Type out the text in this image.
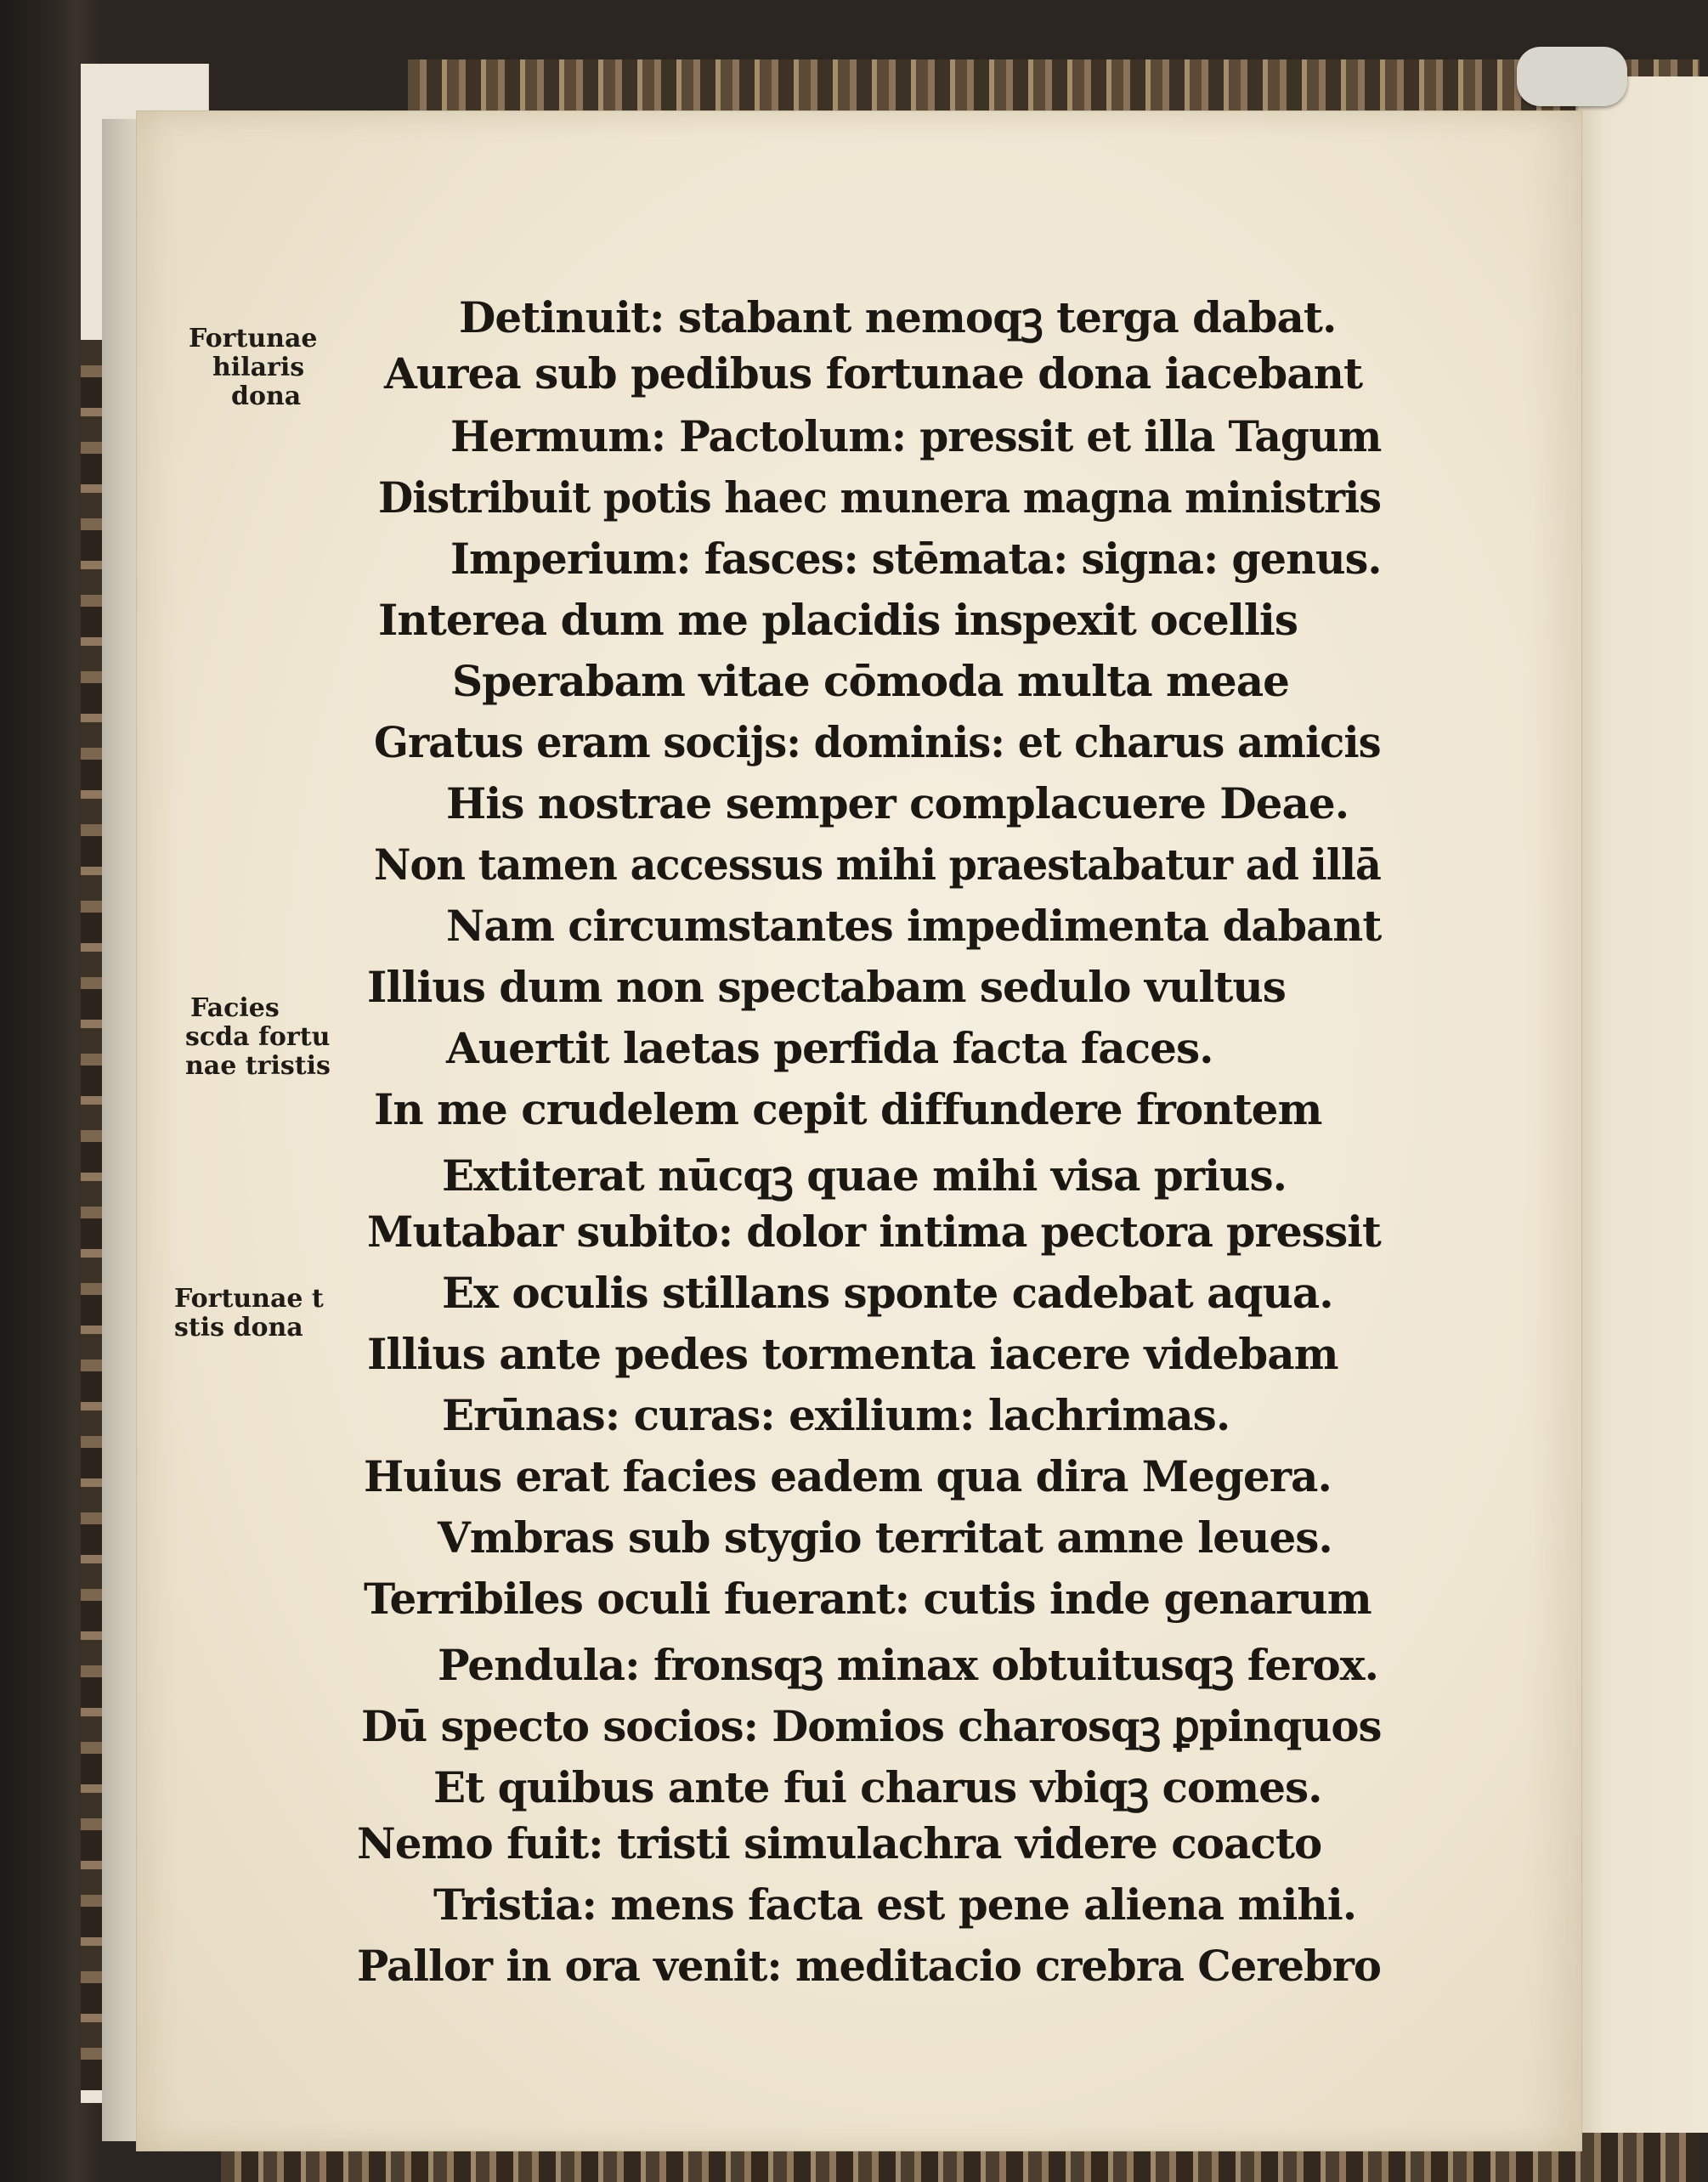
Fortunae
hilaris
dona
Facies
scda fortu
nae tristis
Fortunae t
stis dona
Detinuit: stabant nemoqꝫ terga dabat.
Aurea sub pedibus fortunae dona iacebant
Hermum: Pactolum: pressit et illa Tagum
Distribuit potis haec munera magna ministris
Imperium: fasces: stēmata: signa: genus.
Interea dum me placidis inspexit ocellis
Sperabam vitae cōmoda multa meae
Gratus eram socijs: dominis: et charus amicis
His nostrae semper complacuere Deae.
Non tamen accessus mihi praestabatur ad illā
Nam circumstantes impedimenta dabant
Illius dum non spectabam sedulo vultus
Auertit laetas perfida facta faces.
In me crudelem cepit diffundere frontem
Extiterat nūcqꝫ quae mihi visa prius.
Mutabar subito: dolor intima pectora pressit
Ex oculis stillans sponte cadebat aqua.
Illius ante pedes tormenta iacere videbam
Erūnas: curas: exilium: lachrimas.
Huius erat facies eadem qua dira Megera.
Vmbras sub stygio territat amne leues.
Terribiles oculi fuerant: cutis inde genarum
Pendula: fronsqꝫ minax obtuitusqꝫ ferox.
Dū specto socios: Domios charosqꝫ ꝑpinquos
Et quibus ante fui charus vbiqꝫ comes.
Nemo fuit: tristi simulachra videre coacto
Tristia: mens facta est pene aliena mihi.
Pallor in ora venit: meditacio crebra Cerebro
